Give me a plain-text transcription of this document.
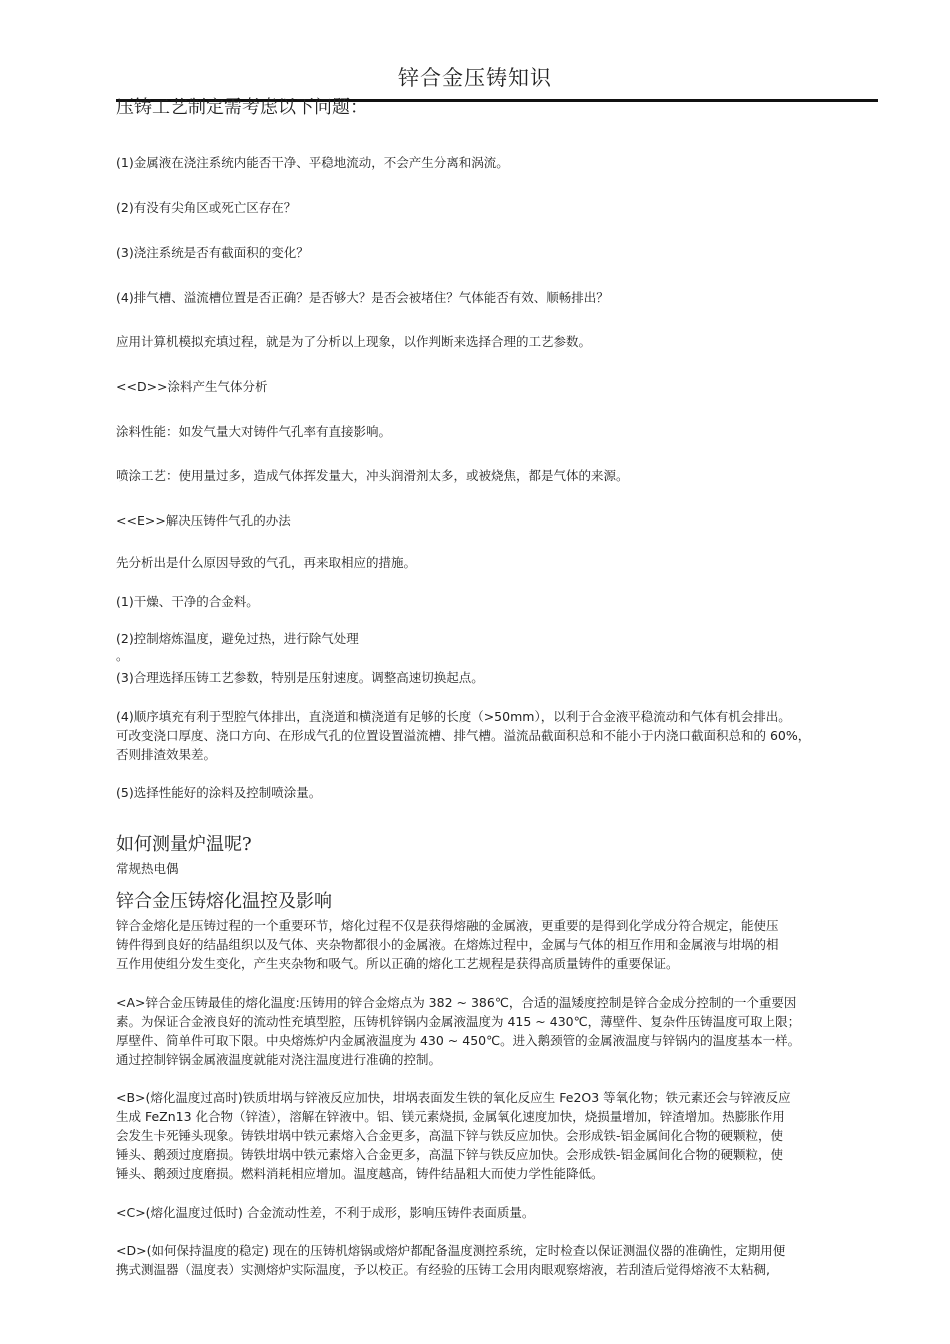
锌合金压铸知识
压铸工艺制定需考虑以下问题：
(1)金属液在浇注系统内能否干净、平稳地流动，不会产生分离和涡流。
(2)有没有尖角区或死亡区存在？
(3)浇注系统是否有截面积的变化？
(4)排气槽、溢流槽位置是否正确？是否够大？是否会被堵住？气体能否有效、顺畅排出？
应用计算机模拟充填过程，就是为了分析以上现象，以作判断来选择合理的工艺参数。
<<D>>涂料产生气体分析
涂料性能：如发气量大对铸件气孔率有直接影响。
喷涂工艺：使用量过多，造成气体挥发量大，冲头润滑剂太多，或被烧焦，都是气体的来源。
<<E>>解决压铸件气孔的办法
先分析出是什么原因导致的气孔，再来取相应的措施。
(1)干燥、干净的合金料。
(2)控制熔炼温度，避免过热，进行除气处理
。
(3)合理选择压铸工艺参数，特别是压射速度。调整高速切换起点。
(4)顺序填充有利于型腔气体排出，直浇道和横浇道有足够的长度（>50mm），以利于合金液平稳流动和气体有机会排出。
可改变浇口厚度、浇口方向、在形成气孔的位置设置溢流槽、排气槽。溢流品截面积总和不能小于内浇口截面积总和的 60%，
否则排渣效果差。
(5)选择性能好的涂料及控制喷涂量。
如何测量炉温呢?
常规热电偶
锌合金压铸熔化温控及影响
锌合金熔化是压铸过程的一个重要环节，熔化过程不仅是获得熔融的金属液，更重要的是得到化学成分符合规定，能使压
铸件得到良好的结晶组织以及气体、夹杂物都很小的金属液。在熔炼过程中，金属与气体的相互作用和金属液与坩埚的相
互作用使组分发生变化，产生夹杂物和吸气。所以正确的熔化工艺规程是获得高质量铸件的重要保证。
<A>锌合金压铸最佳的熔化温度:压铸用的锌合金熔点为 382 ~ 386℃，合适的温矮度控制是锌合金成分控制的一个重要因
素。为保证合金液良好的流动性充填型腔，压铸机锌锅内金属液温度为 415 ~ 430℃，薄壁件、复杂件压铸温度可取上限；
厚壁件、简单件可取下限。中央熔炼炉内金属液温度为 430 ~ 450℃。进入鹅颈管的金属液温度与锌锅内的温度基本一样。
通过控制锌锅金属液温度就能对浇注温度进行准确的控制。
<B>(熔化温度过高时)铁质坩埚与锌液反应加快，坩埚表面发生铁的氧化反应生 Fe2O3 等氧化物；铁元素还会与锌液反应
生成 FeZn13 化合物（锌渣），溶解在锌液中。铝、镁元素烧损, 金属氧化速度加快，烧损量增加，锌渣增加。热膨胀作用
会发生卡死锤头现象。铸铁坩埚中铁元素熔入合金更多，高温下锌与铁反应加快。会形成铁-铝金属间化合物的硬颗粒，使
锤头、鹅颈过度磨损。铸铁坩埚中铁元素熔入合金更多，高温下锌与铁反应加快。会形成铁-铝金属间化合物的硬颗粒，使
锤头、鹅颈过度磨损。燃料消耗相应增加。温度越高，铸件结晶粗大而使力学性能降低。
<C>(熔化温度过低时) 合金流动性差，不利于成形，影响压铸件表面质量。
<D>(如何保持温度的稳定) 现在的压铸机熔锅或熔炉都配备温度测控系统，定时检查以保证测温仪器的准确性，定期用便
携式测温器（温度表）实测熔炉实际温度，予以校正。有经验的压铸工会用肉眼观察熔液，若刮渣后觉得熔液不太粘稠,
